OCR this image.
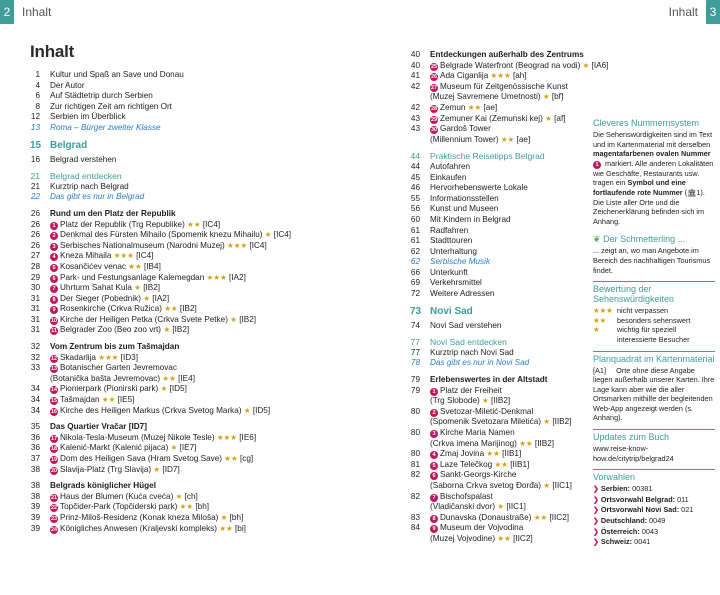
2 Inhalt	Inhalt 3
Inhalt
1	Kultur und Spaß an Save und Donau
4	Der Autor
6	Auf Städtetrip durch Serbien
8	Zur richtigen Zeit am richtigen Ort
12	Serbien im Überblick
13	Roma – Bürger zweiter Klasse
15 Belgrad
16	Belgrad verstehen
21	Belgrad entdecken
21	Kurztrip nach Belgrad
22	Das gibt es nur in Belgrad
26	Rund um den Platz der Republik
26	1 Platz der Republik (Trg Republike) ★★ [IC4]
26	2 Denkmal des Fürsten Mihailo (Spomenik knezu Mihailu) ★ [IC4]
26	3 Serbisches Nationalmuseum (Narodni Muzej) ★★★ [IC4]
27	4 Kneza Mihaila ★★★ [IC4]
28	5 Kosančićev venac ★★ [IB4]
29	6 Park- und Festungsanlage Kalemegdan ★★★ [IA2]
30	7 Uhrturm Sahat Kula ★ [IB2]
31	8 Der Sieger (Pobednik) ★ [IA2]
31	9 Rosenkirche (Crkva Ružica) ★★ [IB2]
31	10 Kirche der Heiligen Petka (Crkva Svete Petke) ★ [IB2]
31	11 Belgrader Zoo (Beo zoo vrt) ★ [IB2]
32	Vom Zentrum bis zum Tašmajdan
32	12 Skadarlija ★★★ [ID3]
33	13 Botanischer Garten Jevremovac
(Botanička bašta Jevremovac) ★★ [IE4]
34	14 Pionierpark (Pionirski park) ★ [ID5]
34	15 Tašmajdan ★★ [IE5]
34	16 Kirche des Heiligen Markus (Crkva Svetog Marka) ★ [ID5]
35	Das Quartier Vračar [ID7]
36	17 Nikola-Tesla-Museum (Muzej Nikole Tesle) ★★★ [IE6]
36	18 Kalenić-Markt (Kalenić pijaca) ★ [IE7]
37	19 Dom des Heiligen Sava (Hram Svetog Save) ★★ [cg]
38	20 Slavija-Platz (Trg Slavija) ★ [ID7]
38	Belgrads königlicher Hügel
38	21 Haus der Blumen (Kuća cveća) ★ [ch]
39	22 Topčider-Park (Topčiderski park) ★★ [bh]
39	23 Prinz-Miloš-Residenz (Konak kneza Miloša) ★ [bh]
39	24 Königliches Anwesen (Kraljevski kompleks) ★★ [bi]
40	Entdeckungen außerhalb des Zentrums
40	25 Belgrade Waterfront (Beograd na vodi) ★ [IA6]
41	26 Ada Ciganlija ★★★ [ah]
42	27 Museum für Zeitgenössische Kunst
(Muzej Savremene Umetnosti) ★ [bf]
42	28 Zemun ★★ [ae]
43	29 Zemuner Kai (Zemunski kej) ★ [af]
43	30 Gardoš Tower
(Millennium Tower) ★★ [ae]
44	Praktische Reisetipps Belgrad
44	Autofahren
45	Einkaufen
46	Hervorhebenswerte Lokale
55	Informationsstellen
56	Kunst und Museen
60	Mit Kindern in Belgrad
61	Radfahren
61	Stadttouren
62	Unterhaltung
62	Serbische Musik
66	Unterkunft
69	Verkehrsmittel
72	Weitere Adressen
73 Novi Sad
74	Novi Sad verstehen
77	Novi Sad entdecken
77	Kurztrip nach Novi Sad
78	Das gibt es nur in Novi Sad
79	Erlebenswertes in der Altstadt
79	1 Platz der Freiheit
(Trg Slobode) ★ [IIB2]
80	2 Svetozar-Miletić-Denkmal
(Spomenik Svetozara Miletića) ★ [IIB2]
80	3 Kirche Maria Namen
(Crkva imena Marijinog) ★★ [IIB2]
80	4 Zmaj Jovina ★★ [IIB1]
81	5 Laze Telečkog ★★ [IIB1]
82	6 Sankt-Georgs-Kirche
(Saborna Crkva svetog Đorđa) ★ [IIC1]
82	7 Bischofspalast
(Vladičanski dvor) ★ [IIC1]
83	8 Dunavska (Donaustraße) ★★ [IIC2]
84	9 Museum der Vojvodina
(Muzej Vojvodine) ★★ [IIC2]
Cleveres Nummernsystem
Die Sehenswürdigkeiten sind im Text und im Kartenmaterial mit derselben magentafarbenen ovalen Nummer
1 markiert. Alle anderen Lokalitäten wie Geschäfte, Restaurants usw. tragen ein Symbol und eine fortlaufende rote Nummer (🏛1). Die Liste aller Orte und die Zeichenerklärung befinden sich im Anhang.
❦ Der Schmetterling ...
... zeigt an, wo man Angebote im Bereich des nachhaltigen Tourismus findet.
Bewertung der Sehenswürdigkeiten
★★★ nicht verpassen
★★	besonders sehenswert
★	wichtig für speziell
interessierte Besucher
Planquadrat im Kartenmaterial
[A1] Orte ohne diese Angabe liegen außerhalb unserer Karten. Ihre Lage kann aber wie die aller Ortsmarken mithilfe der begleitenden Web-App angezeigt werden (s. Anhang).
Updates zum Buch
www.reise-know-how.de/citytrip/belgrad24
Vorwahlen
❯ Serbien: 00381
❯ Ortsvorwahl Belgrad: 011
❯ Ortsvorwahl Novi Sad: 021
❯ Deutschland: 0049
❯ Österreich: 0043
❯ Schweiz: 0041
